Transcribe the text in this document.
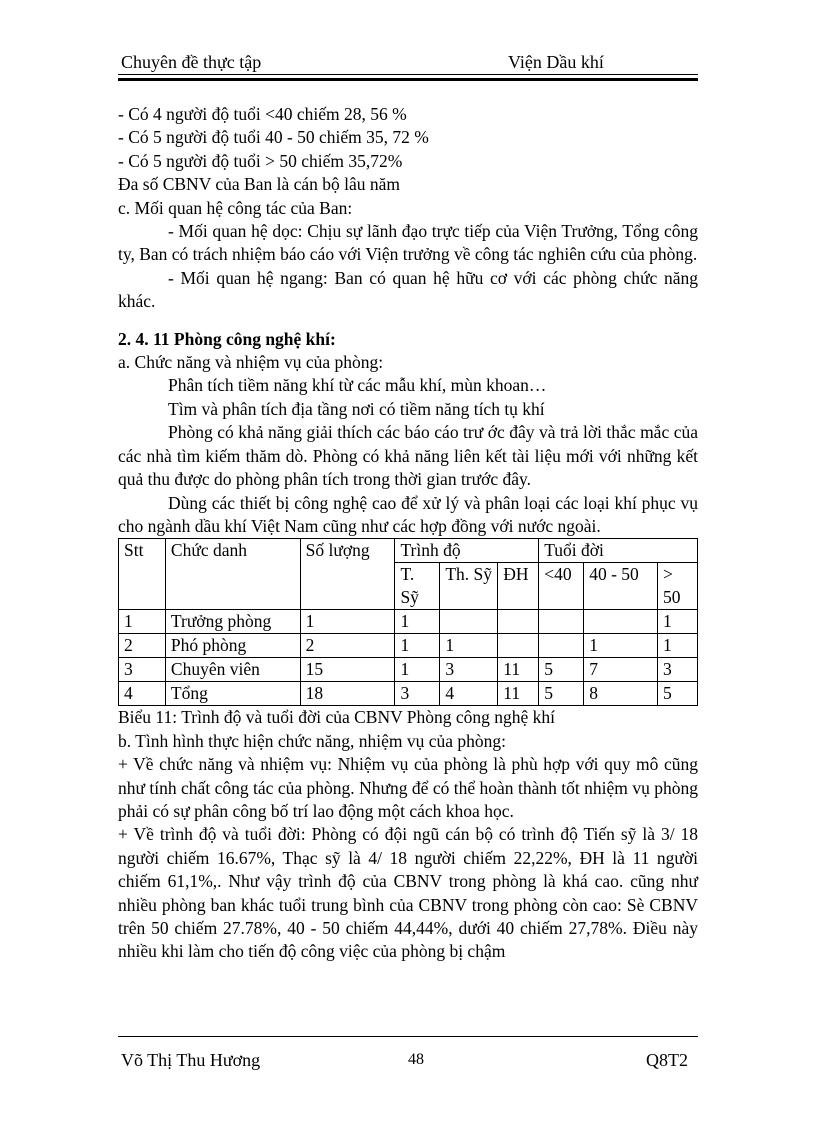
Chuyên đề thực tập	Viện Dầu khí

- Có 4 người độ tuổi <40 chiếm 28, 56 %

- Có 5 người độ tuổi 40 - 50 chiếm 35, 72 %

- Có 5 người độ tuổi > 50 chiếm 35,72%

Đa số CBNV của Ban là cán bộ lâu năm

c. Mối quan hệ công tác của Ban:

- Mối quan hệ dọc: Chịu sự lãnh đạo trực tiếp của Viện Trưởng, Tổng công ty, Ban có trách nhiệm báo cáo với Viện trưởng về công tác nghiên cứu của phòng.

- Mối quan hệ ngang: Ban có quan hệ hữu cơ với các phòng chức năng khác.

2. 4. 11 Phòng công nghệ khí:

a. Chức năng và nhiệm vụ của phòng:

Phân tích tiềm năng khí từ các mẫu khí, mùn khoan…

Tìm và phân tích địa tầng nơi có tiềm năng tích tụ khí

Phòng có khả năng giải thích các báo cáo trư ớc đây và trả lời thắc mắc của các nhà tìm kiếm thăm dò. Phòng có khả năng liên kết tài liệu mới với những kết quả thu được do phòng phân tích trong thời gian trước đây.

Dùng các thiết bị công nghệ cao để xử lý và phân loại các loại khí phục vụ cho ngành dầu khí Việt Nam cũng như các hợp đồng với nước ngoài.

Stt	Chức danh	Số lượng	Trình độ			Tuổi đời		
			T. Sỹ	Th. Sỹ	ĐH	<40	40 - 50	> 50
1	Trưởng phòng	1	1					1
2	Phó phòng	2	1	1			1	1
3	Chuyên viên	15	1	3	11	5	7	3
4	Tổng	18	3	4	11	5	8	5

Biểu 11: Trình độ và tuổi đời của CBNV Phòng công nghệ khí

b. Tình hình thực hiện chức năng, nhiệm vụ của phòng:

+ Về chức năng và nhiệm vụ: Nhiệm vụ của phòng là phù hợp với quy mô cũng như tính chất công tác của phòng. Nhưng để có thể hoàn thành tốt nhiệm vụ phòng phải có sự phân công bố trí lao động một cách khoa học.

+ Về trình độ và tuổi đời: Phòng có đội ngũ cán bộ có trình độ Tiến sỹ là 3/ 18 người chiếm 16.67%, Thạc sỹ là 4/ 18 người chiếm 22,22%, ĐH là 11 người chiếm 61,1%,. Như vậy trình độ của CBNV trong phòng là khá cao. cũng như nhiều phòng ban khác tuổi trung bình của CBNV trong phòng còn cao: Sè CBNV trên 50 chiếm 27.78%, 40 - 50 chiếm 44,44%, dưới 40 chiếm 27,78%. Điều này nhiều khi làm cho tiến độ công việc của phòng bị chậm

Võ Thị Thu Hương	48	Q8T2
